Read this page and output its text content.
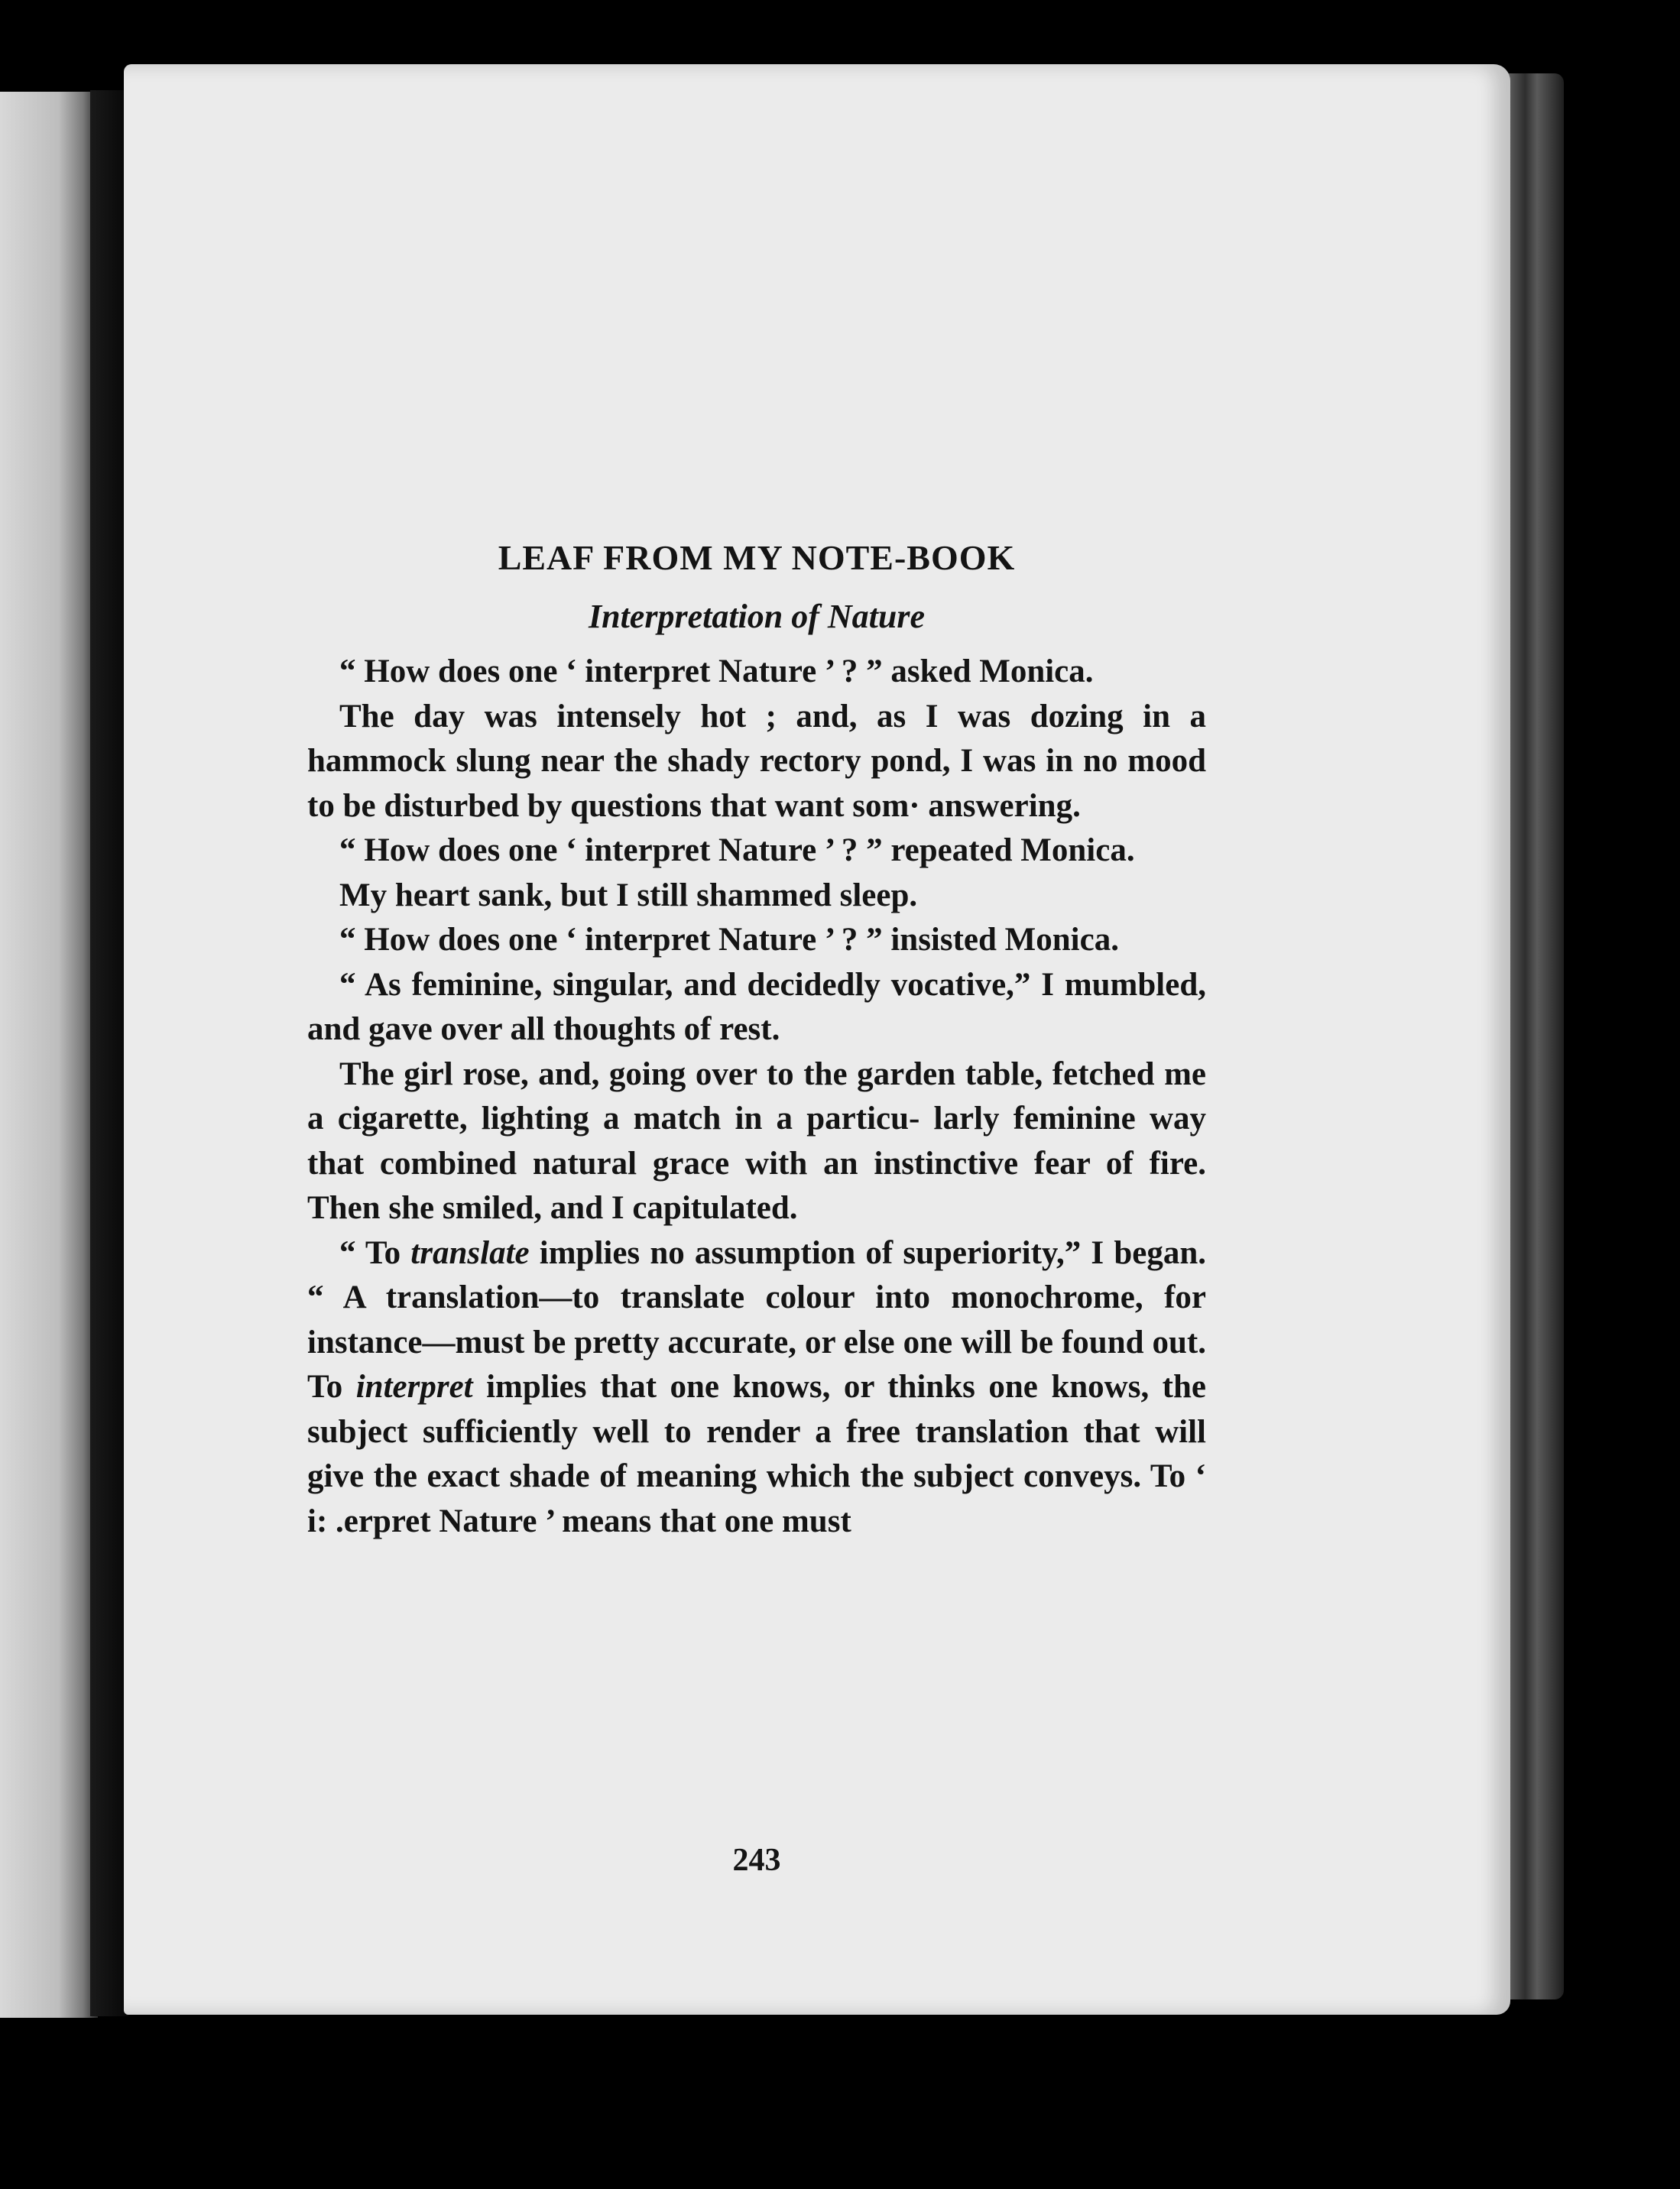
LEAF FROM MY NOTE-BOOK
Interpretation of Nature

“ How does one ‘ interpret Nature ’ ? ” asked Monica.

The day was intensely hot ; and, as I was dozing in a hammock slung near the shady rectory pond, I was in no mood to be disturbed by questions that want som· answering.

“ How does one ‘ interpret Nature ’ ? ” repeated Monica.

My heart sank, but I still shammed sleep.

“ How does one ‘ interpret Nature ’ ? ” insisted Monica.

“ As feminine, singular, and decidedly vocative,” I mumbled, and gave over all thoughts of rest.

The girl rose, and, going over to the garden table, fetched me a cigarette, lighting a match in a particu- larly feminine way that combined natural grace with an instinctive fear of fire. Then she smiled, and I capitulated.

“ To translate implies no assumption of superiority,” I began. “ A translation—to translate colour into monochrome, for instance—must be pretty accurate, or else one will be found out. To interpret implies that one knows, or thinks one knows, the subject sufficiently well to render a free translation that will give the exact shade of meaning which the subject conveys. To ‘ i: .erpret Nature ’ means that one must

243
